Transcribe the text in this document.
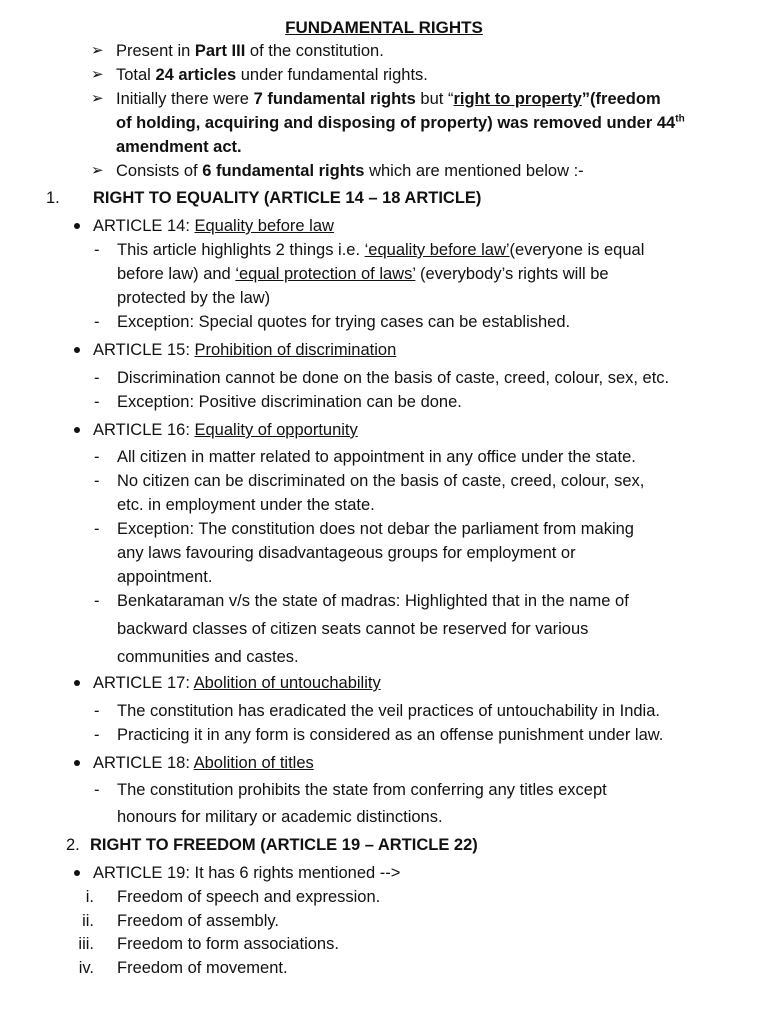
FUNDAMENTAL RIGHTS
➢ Present in Part III of the constitution.
➢ Total 24 articles under fundamental rights.
➢ Initially there were 7 fundamental rights but “right to property”(freedom
of holding, acquiring and disposing of property) was removed under 44th
amendment act.
➢ Consists of 6 fundamental rights which are mentioned below :-
1. RIGHT TO EQUALITY (ARTICLE 14 – 18 ARTICLE)
ARTICLE 14: Equality before law
- This article highlights 2 things i.e. ‘equality before law’(everyone is equal
before law) and ‘equal protection of laws’ (everybody’s rights will be
protected by the law)
- Exception: Special quotes for trying cases can be established.
ARTICLE 15: Prohibition of discrimination
- Discrimination cannot be done on the basis of caste, creed, colour, sex, etc.
- Exception: Positive discrimination can be done.
ARTICLE 16: Equality of opportunity
- All citizen in matter related to appointment in any office under the state.
- No citizen can be discriminated on the basis of caste, creed, colour, sex,
etc. in employment under the state.
- Exception: The constitution does not debar the parliament from making
any laws favouring disadvantageous groups for employment or
appointment.
- Benkataraman v/s the state of madras: Highlighted that in the name of
backward classes of citizen seats cannot be reserved for various
communities and castes.
ARTICLE 17: Abolition of untouchability
- The constitution has eradicated the veil practices of untouchability in India.
- Practicing it in any form is considered as an offense punishment under law.
ARTICLE 18: Abolition of titles
- The constitution prohibits the state from conferring any titles except
honours for military or academic distinctions.
2. RIGHT TO FREEDOM (ARTICLE 19 – ARTICLE 22)
ARTICLE 19: It has 6 rights mentioned -->
i. Freedom of speech and expression.
ii. Freedom of assembly.
iii. Freedom to form associations.
iv. Freedom of movement.
